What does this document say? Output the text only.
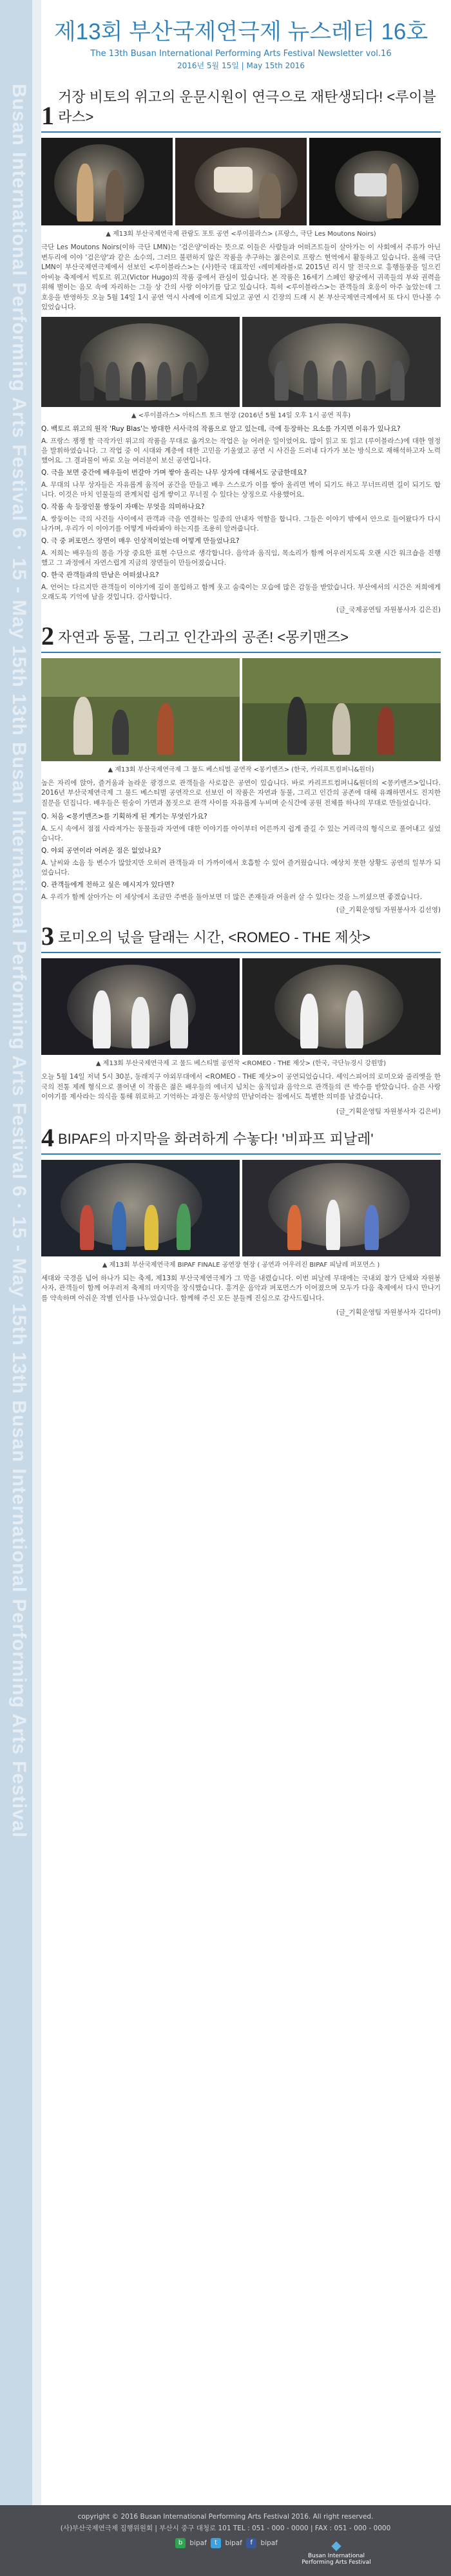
Busan International Performing Arts Festival 6 · 15 - May 15th 13th Busan International Performing Arts Festival 6 · 15 - May 15th 13th Busan International Performing Arts Festival
제13회 부산국제연극제 뉴스레터 16호
The 13th Busan International Performing Arts Festival Newsletter vol.16
2016년 5월 15일 | May 15th 2016
1
거장 비토의 위고의 운문시원이 연극으로 재탄생되다! <루이블라스>
▲ 제13회 부산국제연극제 관람도 포토 공연 <루이블라스> (프랑스, 극단 Les Moutons Noirs)

극단 Les Moutons Noirs(이하 극단 LMN)는 '검은양'이라는 뜻으로 이들은 사람들과 어떠즈트들이 살아가는 이 사회에서 주류가 아닌 변두리에 이야 '검은양'과 같은 소수의, 그러므 불편하지 않은 작품을 추구하는 젊은이로 프랑스 현역에서 활동하고 있습니다. 올해 극단 LMN이 부산국제연극제에서 선보인 <루이블라스>는 (사)한국 대표작인 ‹레미제라블›로 2015년 리시 말 전국으로 흥행돌풍을 일으킨 아비뇽 축제에서 빅토르 위고(Victor Hugo)의 작품 중에서 관심이 있습니다. 본 작품은 16세기 스페인 왕궁에서 귀족들의 부와 권력을 위해 벌이는 음모 속에 자리하는 그들 상 간의 사랑 이야기를 담고 있습니다. 특히 <루이블라스>는 관객들의 호응이 아주 높았는데 그 호응을 반영하듯 오늘 5월 14일 1시 공연 역시 사례에 이르게 되었고 공연 시 긴장의 드래 시 본 부산국제연극제에서 또 다시 만나볼 수 있었습니다.

▲ <루이블라스> 아티스트 토크 현장 (2016년 5월 14일 오후 1시 공연 직후)

Q. 백토르 위고의 원작 'Ruy Blas'는 방대한 서사극의 작품으로 알고 있는데, 극에 등장하는 요소를 가지면 이유가 있나요?

A. 프랑스 쟁쟁 할 극작가인 위고의 작품을 무대로 옮겨오는 작업은 늘 어려운 일이었어요. 많이 읽고 또 읽고 (루이블라스)에 대한 열정을 발휘하였습니다. 그 작업 중 이 시대와 계층에 대한 고민을 기울였고 공연 시 사건을 드러내 다가가 보는 방식으로 재해석하고자 노력했어요. 그 결과물이 바로 오늘 여러분이 보신 공연입니다.

Q. 극을 보면 중간에 배우들이 번갈아 가며 쌓아 올리는 나무 상자에 대해서도 궁금한데요?

A. 무대의 나무 상자들은 자유롭게 움직여 공간을 만들고 배우 스스로가 이를 쌓아 올리면 벽이 되기도 하고 무너뜨리면 길이 되기도 합니다. 이것은 마치 인물들의 관계처럼 쉽게 쌓이고 무너질 수 있다는 상징으로 사용했어요.

Q. 작품 속 등장인물 쌍둥이 자매는 무엇을 의미하나요?

A. 쌍둥이는 극의 사건들 사이에서 관객과 극을 연결하는 일종의 안내자 역할을 합니다. 그들은 이야기 밖에서 안으로 들어왔다가 다시 나가며, 우리가 이 이야기를 어떻게 바라봐야 하는지를 조용히 알려줍니다.

Q. 극 중 퍼포먼스 장면이 매우 인상적이었는데 어떻게 만들었나요?

A. 저희는 배우들의 몸을 가장 중요한 표현 수단으로 생각합니다. 음악과 움직임, 목소리가 함께 어우러지도록 오랜 시간 워크숍을 진행했고 그 과정에서 자연스럽게 지금의 장면들이 만들어졌습니다.

Q. 한국 관객들과의 만남은 어떠셨나요?

A. 언어는 다르지만 관객들이 이야기에 깊이 몰입하고 함께 웃고 숨죽이는 모습에 많은 감동을 받았습니다. 부산에서의 시간은 저희에게 오래도록 기억에 남을 것입니다. 감사합니다.

(글_국제공연팀 자원봉사자 김은진)
2 자연과 동물, 그리고 인간과의 공존! <몽키맨즈>
▲ 제13회 부산국제연극제 그 물드 베스티벌 공연작 <몽키맨즈> (한국, 카리프트컴퍼니&원더)

높은 자리에 앉아, 즐거움과 놀라운 광경으로 관객들을 사로잡은 공연이 있습니다. 바로 카리프트컴퍼니&원더의 <몽키맨즈>입니다. 2016년 부산국제연극제 그 물드 베스티벌 공연작으로 선보인 이 작품은 자연과 동물, 그리고 인간의 공존에 대해 유쾌하면서도 진지한 질문을 던집니다. 배우들은 원숭이 가면과 몸짓으로 관객 사이를 자유롭게 누비며 순식간에 공원 전체를 하나의 무대로 만들었습니다.

Q. 처음 <몽키맨즈>를 기획하게 된 계기는 무엇인가요?

A. 도시 속에서 점점 사라져가는 동물들과 자연에 대한 이야기를 아이부터 어른까지 쉽게 즐길 수 있는 거리극의 형식으로 풀어내고 싶었습니다.

Q. 야외 공연이라 어려운 점은 없었나요?

A. 날씨와 소음 등 변수가 많았지만 오히려 관객들과 더 가까이에서 호흡할 수 있어 즐거웠습니다. 예상치 못한 상황도 공연의 일부가 되었습니다.

Q. 관객들에게 전하고 싶은 메시지가 있다면?

A. 우리가 함께 살아가는 이 세상에서 조금만 주변을 돌아보면 더 많은 존재들과 어울려 살 수 있다는 것을 느끼셨으면 좋겠습니다.

(글_기획운영팀 자원봉사자 김선영)
3 로미오의 넋을 달래는 시간, <ROMEO - THE 제삿>
▲ 제13회 부산국제연극제 고 물드 베스티벌 공연작 <ROMEO - THE 제삿> (한국, 극단뉴경시 강원방)

오늘 5월 14일 저녁 5시 30분, 동래지구 야외무대에서 <ROMEO - THE 제삿>이 공연되었습니다. 셰익스피어의 로미오와 줄리엣을 한국의 전통 제례 형식으로 풀어낸 이 작품은 젊은 배우들의 에너지 넘치는 움직임과 음악으로 관객들의 큰 박수를 받았습니다. 슬픈 사랑 이야기를 제사라는 의식을 통해 위로하고 기억하는 과정은 동서양의 만남이라는 점에서도 특별한 의미를 남겼습니다.

(글_기획운영팀 자원봉사자 김은비)
4 BIPAF의 마지막을 화려하게 수놓다! '비파프 피날레'
▲ 제13회 부산국제연극제 BIPAF FINALE 공연장 현장 ( 공연과 어우러진 BIPAF 피날레 퍼포먼스 )

세대와 국경을 넘어 하나가 되는 축제, 제13회 부산국제연극제가 그 막을 내렸습니다. 이번 피날레 무대에는 국내외 참가 단체와 자원봉사자, 관객들이 함께 어우러져 축제의 마지막을 장식했습니다. 흥겨운 음악과 퍼포먼스가 이어졌으며 모두가 다음 축제에서 다시 만나기를 약속하며 아쉬운 작별 인사를 나누었습니다. 함께해 주신 모든 분들께 진심으로 감사드립니다.

(글_기획운영팀 자원봉사자 김다미)
copyright © 2016 Busan International Performing Arts Festival 2016. All right reserved.
(사)부산국제연극제 집행위원회 | 부산시 중구 대청로 101 TEL : 051 - 000 - 0000 | FAX : 051 - 000 - 0000
b bipaf t bipaf f bipaf	◆
Busan International Performing Arts Festival
